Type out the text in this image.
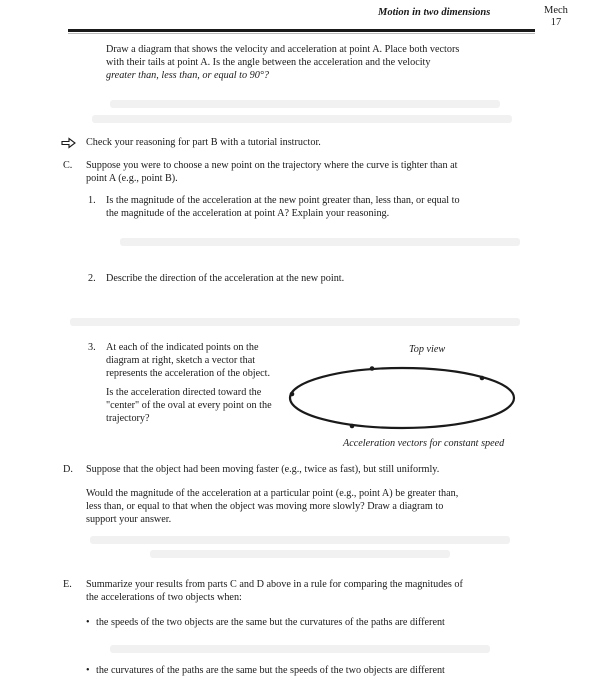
Motion in two dimensions	Mech
17
Draw a diagram that shows the velocity and acceleration at point A. Place both vectors
with their tails at point A. Is the angle between the acceleration and the velocity
greater than, less than, or equal to 90°?
Check your reasoning for part B with a tutorial instructor.
C. Suppose you were to choose a new point on the trajectory where the curve is tighter than at
point A (e.g., point B).
1. Is the magnitude of the acceleration at the new point greater than, less than, or equal to
the magnitude of the acceleration at point A? Explain your reasoning.
2. Describe the direction of the acceleration at the new point.
3. At each of the indicated points on the
diagram at right, sketch a vector that
represents the acceleration of the object.
Is the acceleration directed toward the
"center" of the oval at every point on the
trajectory?
Top view
Acceleration vectors for constant speed
D. Suppose that the object had been moving faster (e.g., twice as fast), but still uniformly.
Would the magnitude of the acceleration at a particular point (e.g., point A) be greater than,
less than, or equal to that when the object was moving more slowly? Draw a diagram to
support your answer.
E. Summarize your results from parts C and D above in a rule for comparing the magnitudes of
the accelerations of two objects when:
• the speeds of the two objects are the same but the curvatures of the paths are different
• the curvatures of the paths are the same but the speeds of the two objects are different
